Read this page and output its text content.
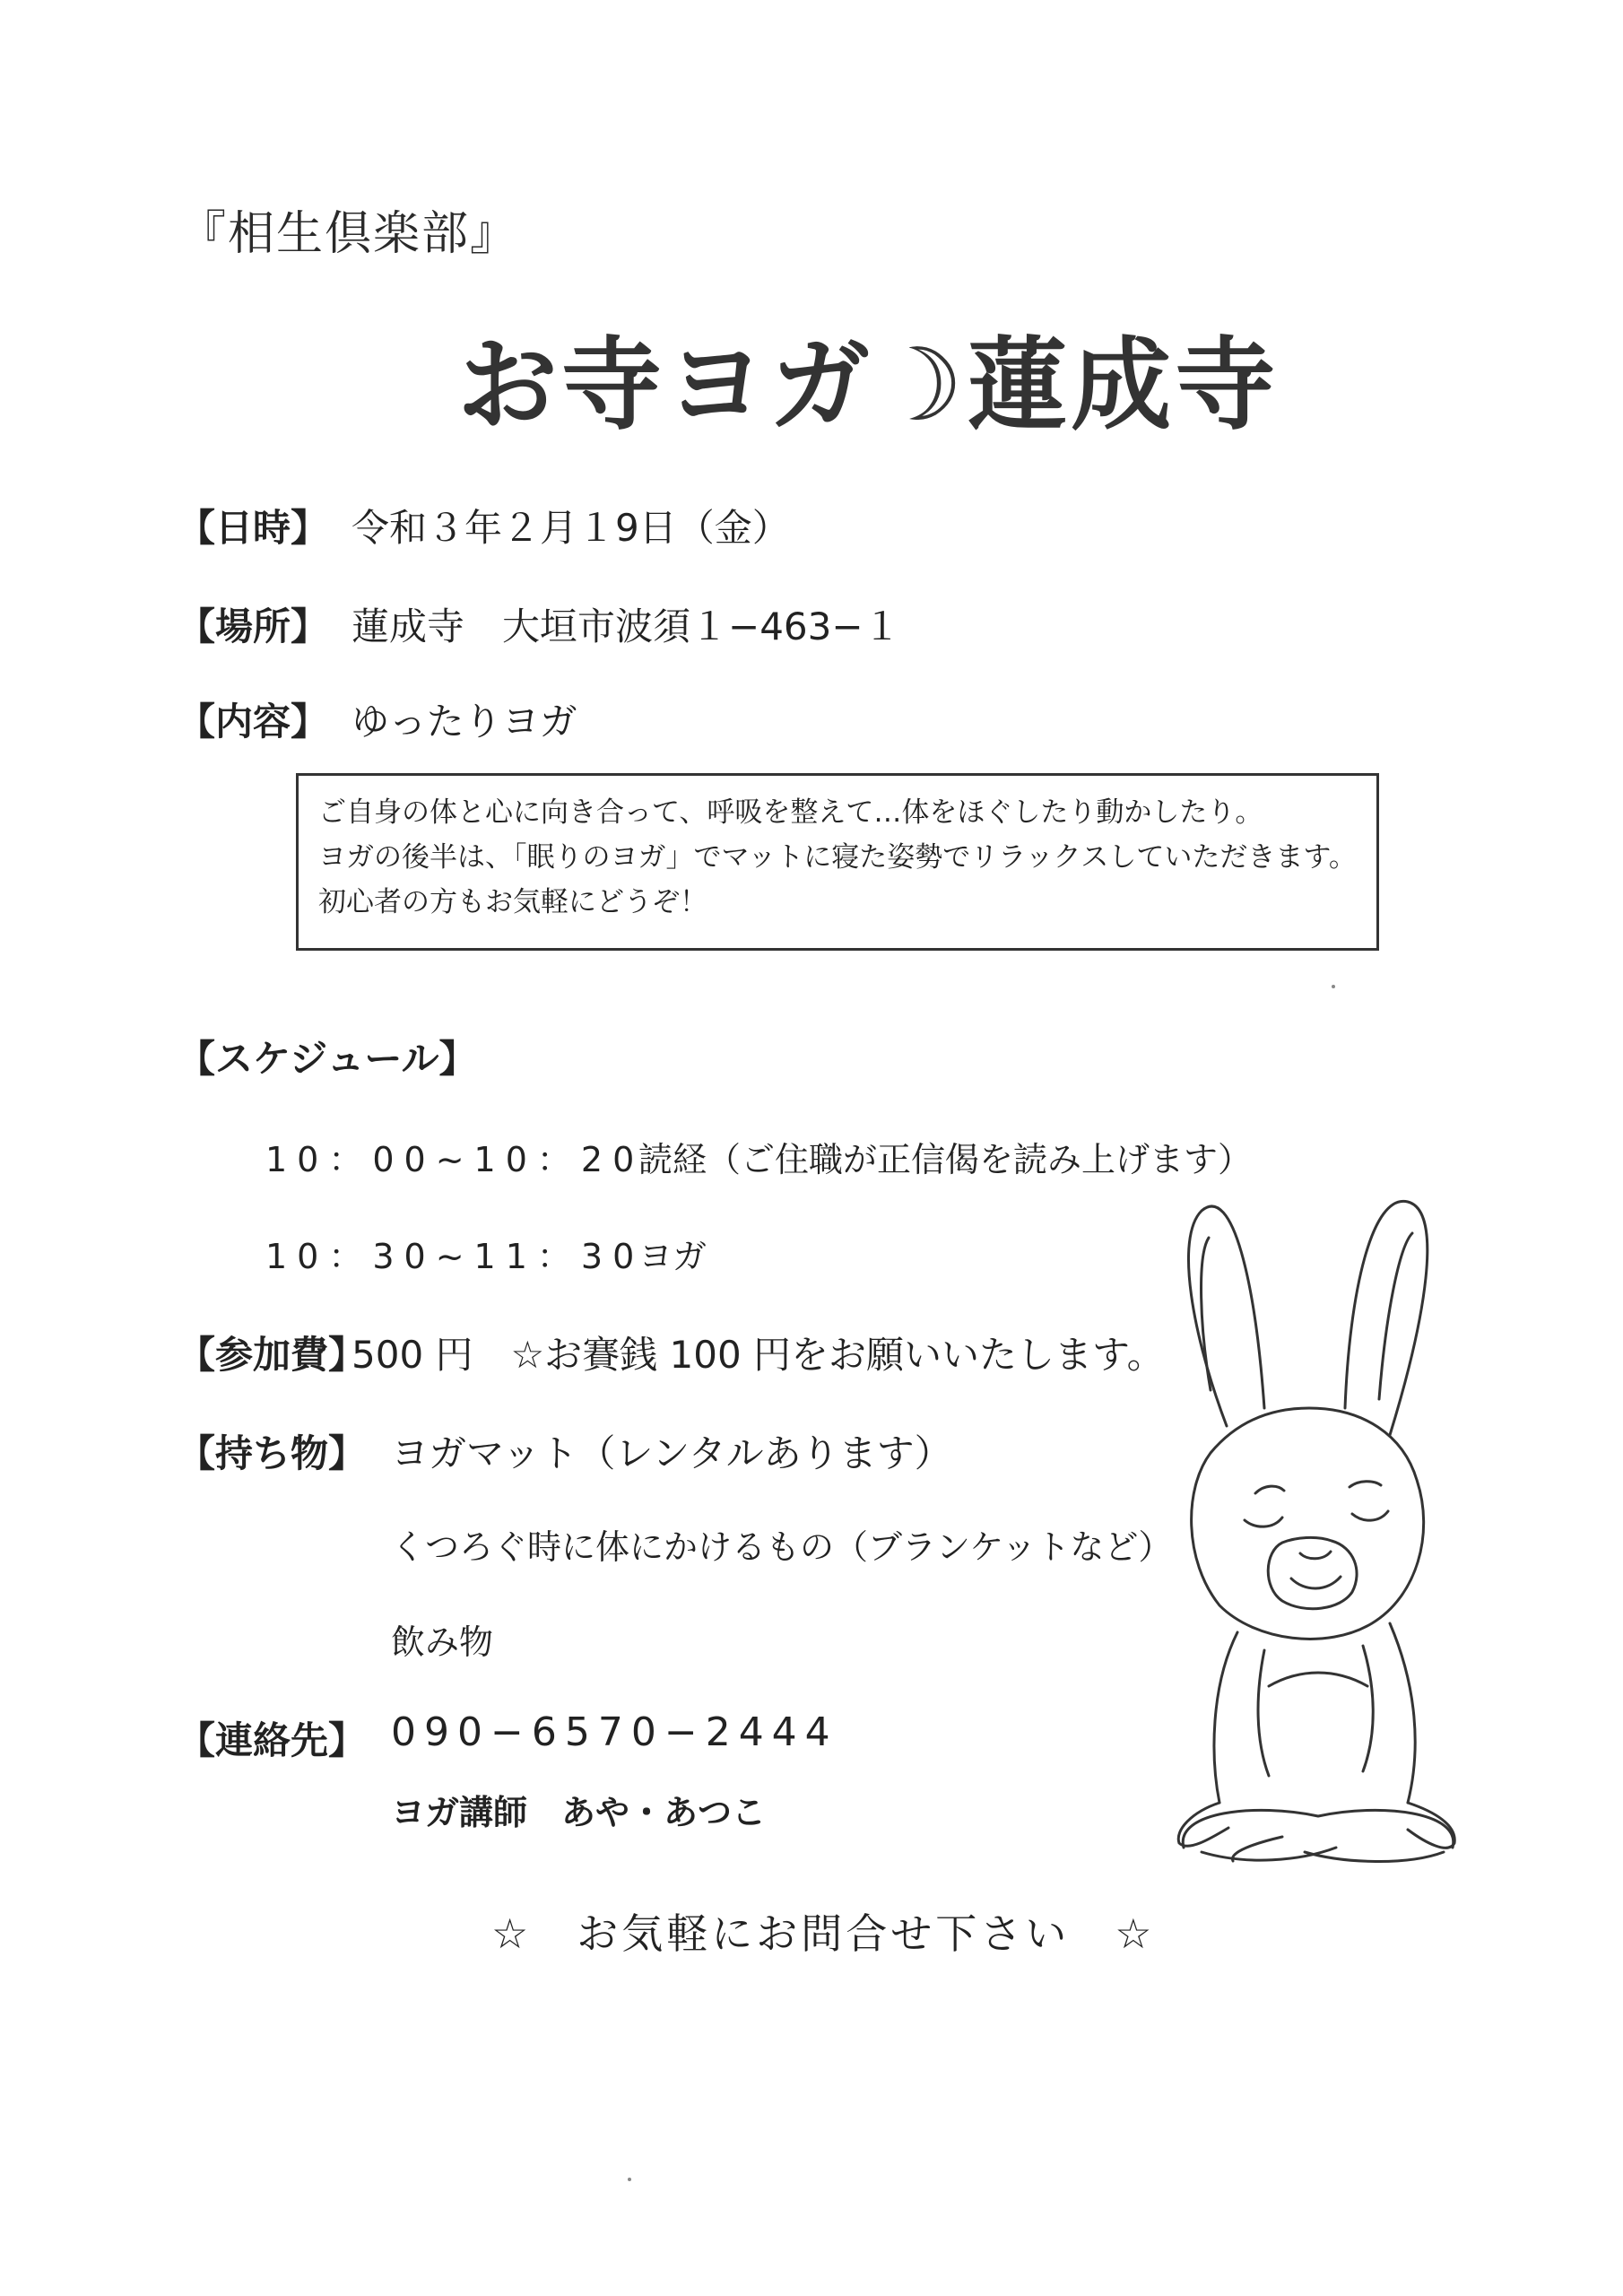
『相生倶楽部』
お寺ヨガ☽蓮成寺
【日時】 令和３年２月１9日（金）
【場所】 蓮成寺　大垣市波須１−463−１
【内容】 ゆったりヨガ
ご自身の体と心に向き合って、呼吸を整えて…体をほぐしたり動かしたり。
ヨガの後半は、「眠りのヨガ」でマットに寝た姿勢でリラックスしていただきます。
初心者の方もお気軽にどうぞ！
【スケジュール】
10：00~10：20
読経（ご住職が正信偈を読み上げます）
10：30~11：30
ヨガ
【参加費】
500 円　☆お賽銭 100 円をお願いいたします。
【持ち物】 ヨガマット（レンタルあります）
くつろぐ時に体にかけるもの（ブランケットなど）
飲み物
【連絡先】 090−6570−2444
ヨガ講師　あや・あつこ
☆　お気軽にお問合せ下さい　☆
